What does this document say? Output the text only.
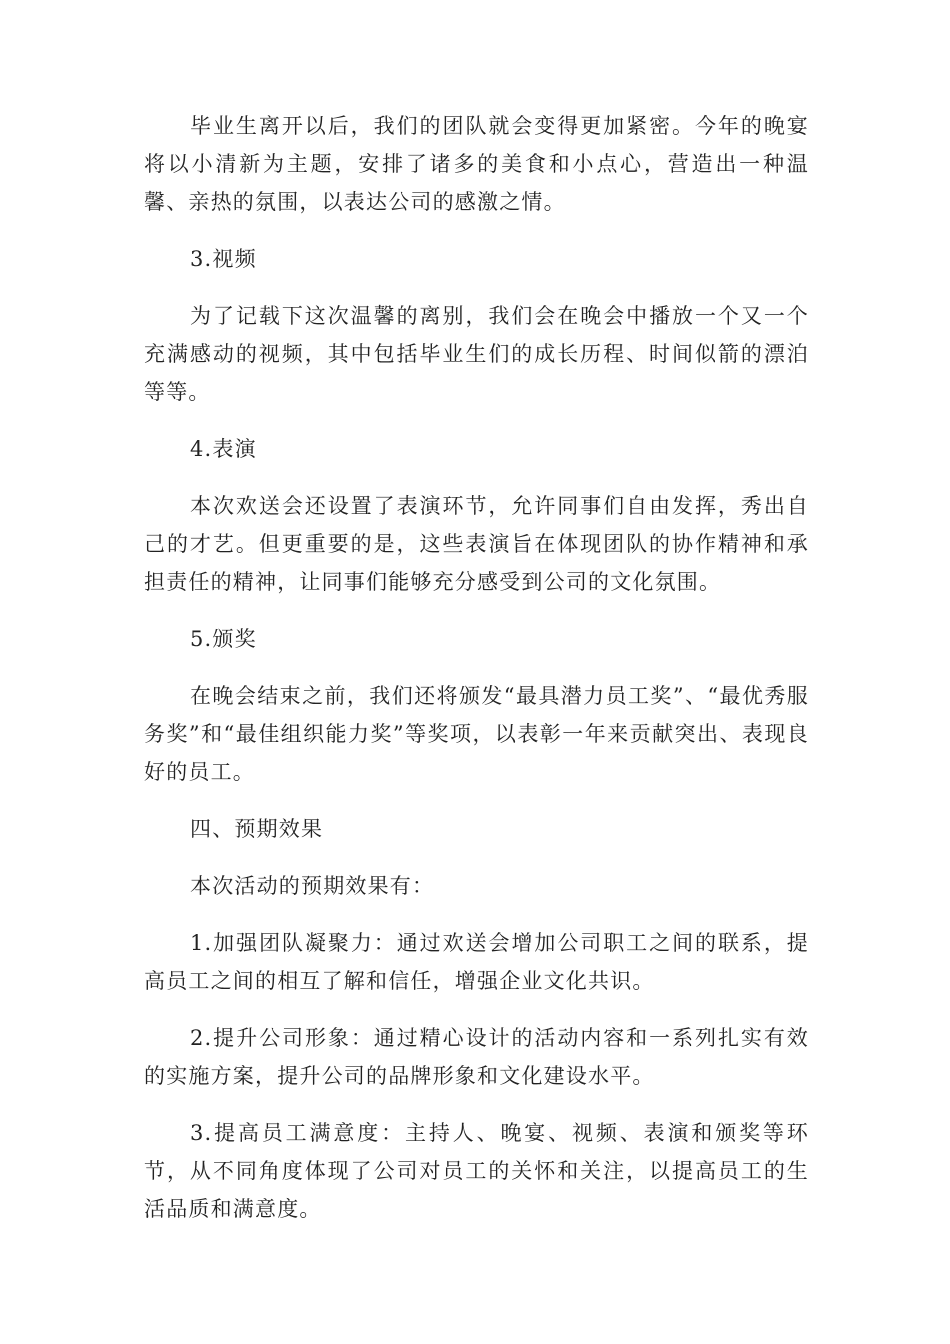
毕业生离开以后，我们的团队就会变得更加紧密。今年的晚宴将以小清新为主题，安排了诸多的美食和小点心，营造出一种温馨、亲热的氛围，以表达公司的感激之情。

3.视频

为了记载下这次温馨的离别，我们会在晚会中播放一个又一个充满感动的视频，其中包括毕业生们的成长历程、时间似箭的漂泊等等。

4.表演

本次欢送会还设置了表演环节，允许同事们自由发挥，秀出自己的才艺。但更重要的是，这些表演旨在体现团队的协作精神和承担责任的精神，让同事们能够充分感受到公司的文化氛围。

5.颁奖

在晚会结束之前，我们还将颁发“最具潜力员工奖”、“最优秀服务奖”和“最佳组织能力奖”等奖项，以表彰一年来贡献突出、表现良好的员工。

四、预期效果

本次活动的预期效果有：

1.加强团队凝聚力：通过欢送会增加公司职工之间的联系，提高员工之间的相互了解和信任，增强企业文化共识。

2.提升公司形象：通过精心设计的活动内容和一系列扎实有效的实施方案，提升公司的品牌形象和文化建设水平。

3.提高员工满意度：主持人、晚宴、视频、表演和颁奖等环节，从不同角度体现了公司对员工的关怀和关注，以提高员工的生活品质和满意度。
